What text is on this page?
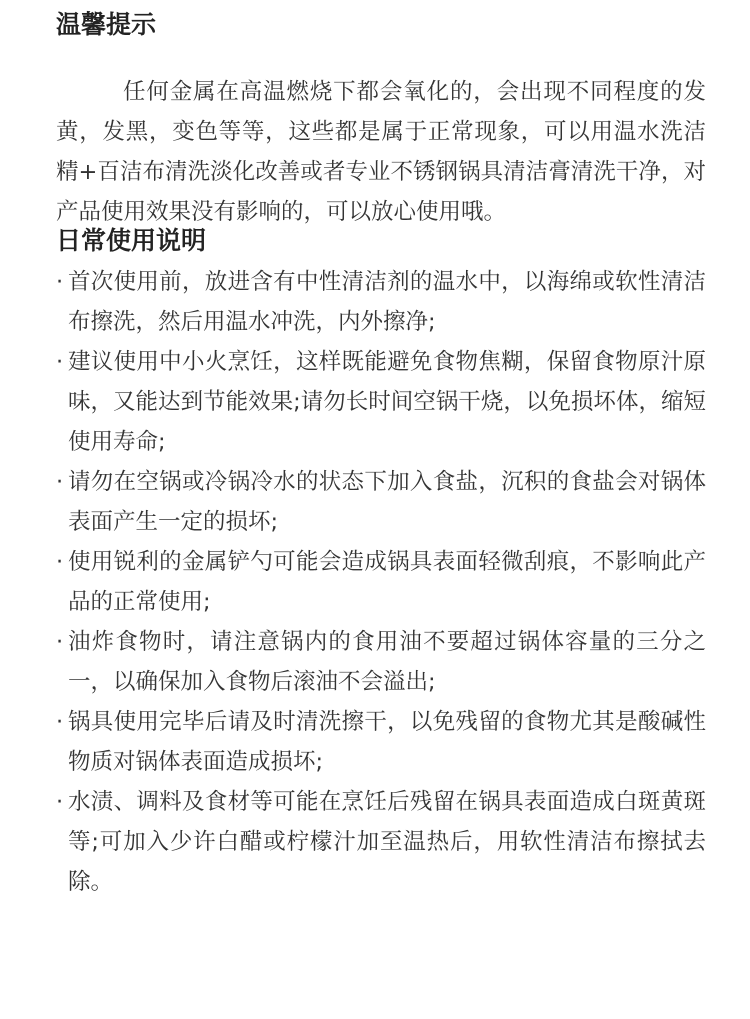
温馨提示

任何金属在高温燃烧下都会氧化的，会出现不同程度的发黄，发黑，变色等等，这些都是属于正常现象，可以用温水洗洁精+百洁布清洗淡化改善或者专业不锈钢锅具清洁膏清洗干净，对产品使用效果没有影响的，可以放心使用哦。

日常使用说明
· 首次使用前，放进含有中性清洁剂的温水中，以海绵或软性清洁布擦洗，然后用温水冲洗，内外擦净;
· 建议使用中小火烹饪，这样既能避免食物焦糊，保留食物原汁原味，又能达到节能效果;请勿长时间空锅干烧，以免损坏体，缩短使用寿命;
· 请勿在空锅或冷锅冷水的状态下加入食盐，沉积的食盐会对锅体表面产生一定的损坏;
· 使用锐利的金属铲勺可能会造成锅具表面轻微刮痕，不影响此产品的正常使用;
· 油炸食物时，请注意锅内的食用油不要超过锅体容量的三分之一，以确保加入食物后滚油不会溢出;
· 锅具使用完毕后请及时清洗擦干，以免残留的食物尤其是酸碱性物质对锅体表面造成损坏;
· 水渍、调料及食材等可能在烹饪后残留在锅具表面造成白斑黄斑等;可加入少许白醋或柠檬汁加至温热后，用软性清洁布擦拭去除。
